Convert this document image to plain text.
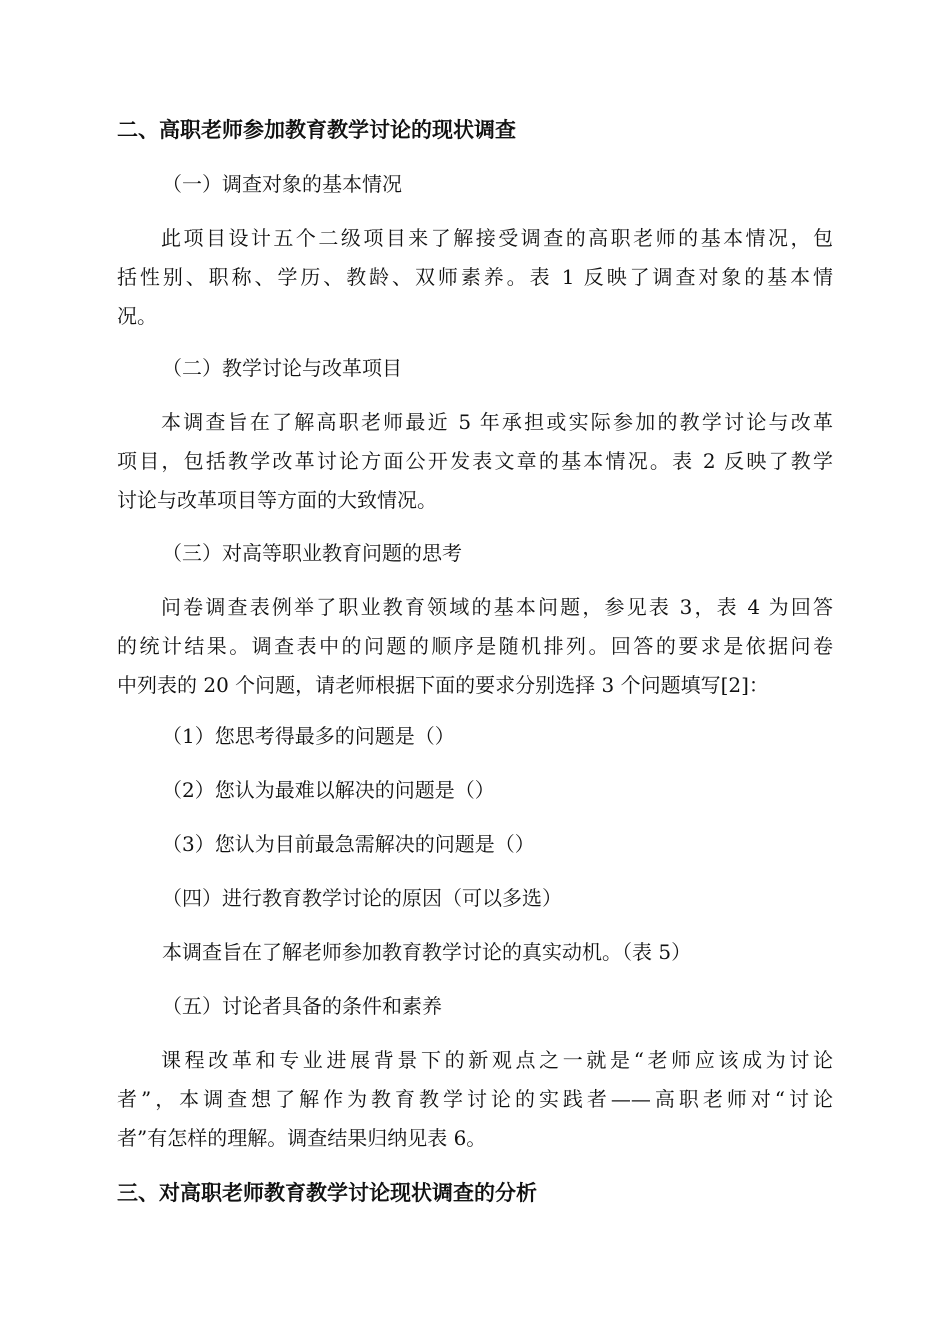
二、高职老师参加教育教学讨论的现状调查
（一）调查对象的基本情况
此项目设计五个二级项目来了解接受调查的高职老师的基本情况，包
括性别、职称、学历、教龄、双师素养。表 1 反映了调查对象的基本情
况。
（二）教学讨论与改革项目
本调查旨在了解高职老师最近 5 年承担或实际参加的教学讨论与改革
项目，包括教学改革讨论方面公开发表文章的基本情况。表 2 反映了教学
讨论与改革项目等方面的大致情况。
（三）对高等职业教育问题的思考
问卷调查表例举了职业教育领域的基本问题，参见表 3，表 4 为回答
的统计结果。调查表中的问题的顺序是随机排列。回答的要求是依据问卷
中列表的 20 个问题，请老师根据下面的要求分别选择 3 个问题填写[2]：
（1）您思考得最多的问题是（）
（2）您认为最难以解决的问题是（）
（3）您认为目前最急需解决的问题是（）
（四）进行教育教学讨论的原因（可以多选）
本调查旨在了解老师参加教育教学讨论的真实动机。（表 5）
（五）讨论者具备的条件和素养
课程改革和专业进展背景下的新观点之一就是“老师应该成为讨论
者”，本调查想了解作为教育教学讨论的实践者——高职老师对“讨论
者”有怎样的理解。调查结果归纳见表 6。
三、对高职老师教育教学讨论现状调查的分析
